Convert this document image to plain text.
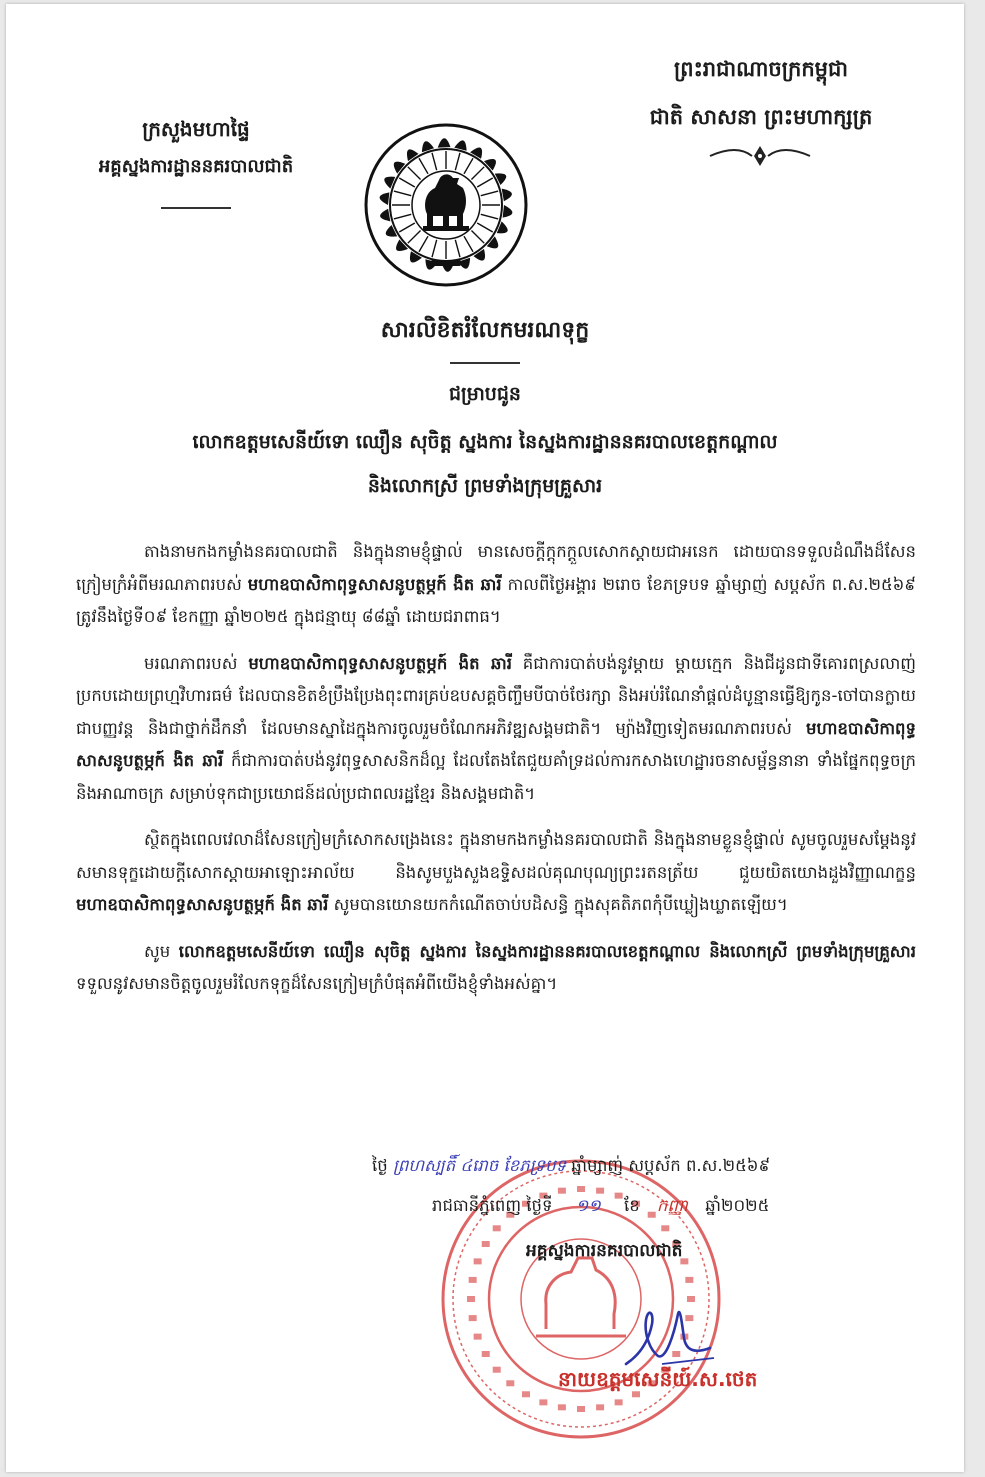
ព្រះរាជាណាចក្រកម្ពុជា
ជាតិ សាសនា ព្រះមហាក្សត្រ
ក្រសួងមហាផ្ទៃ
អគ្គស្នងការដ្ឋាននគរបាលជាតិ
សារលិខិតរំលែកមរណទុក្ខ
ជម្រាបជូន
លោកឧត្តមសេនីយ៍ទោ ឈឿន សុចិត្ត ស្នងការ នៃស្នងការដ្ឋាននគរបាលខេត្តកណ្តាល
និងលោកស្រី ព្រមទាំងក្រុមគ្រួសារ

តាងនាមកងកម្លាំងនគរបាលជាតិ និងក្នុងនាមខ្ញុំផ្ទាល់ មានសេចក្តីក្តុកក្តួលសោកស្តាយជាអនេក ដោយបានទទួលដំណឹងដ៏សែនក្រៀមក្រំអំពីមរណភាពរបស់ មហាឧបាសិកាពុទ្ធសាសនូបត្ថម្ភក៍ ងិត ឆារី កាលពីថ្ងៃអង្គារ ២រោច ខែភទ្របទ ឆ្នាំម្សាញ់ សប្តស័ក ព.ស.២៥៦៩ ត្រូវនឹងថ្ងៃទី០៩ ខែកញ្ញា ឆ្នាំ២០២៥ ក្នុងជន្មាយុ ៨៨ឆ្នាំ ដោយជរាពាធ។

មរណភាពរបស់ មហាឧបាសិកាពុទ្ធសាសនូបត្ថម្ភក៍ ងិត ឆារី គឺជាការបាត់បង់នូវម្តាយ ម្តាយក្មេក និងជីដូនជាទីគោរពស្រលាញ់ ប្រកបដោយព្រហ្មវិហារធម៌ ដែលបានខិតខំប្រឹងប្រែងពុះពារគ្រប់ឧបសគ្គចិញ្ចឹមបីបាច់ថែរក្សា និងអប់រំណែនាំផ្តល់ដំបូន្មានធ្វើឱ្យកូន-ចៅបានក្លាយជាបញ្ញវន្ត និងជាថ្នាក់ដឹកនាំ ដែលមានស្នាដៃក្នុងការចូលរួមចំណែកអភិវឌ្ឍសង្គមជាតិ។ ម្យ៉ាងវិញទៀតមរណភាពរបស់ មហាឧបាសិកាពុទ្ធសាសនូបត្ថម្ភក៍ ងិត ឆារី ក៏ជាការបាត់បង់នូវពុទ្ធសាសនិកដ៏ល្អ ដែលតែងតែជួយគាំទ្រដល់ការកសាងហេដ្ឋារចនាសម្ព័ន្ធនានា ទាំងផ្នែកពុទ្ធចក្រ និងអាណាចក្រ សម្រាប់ទុកជាប្រយោជន៍ដល់ប្រជាពលរដ្ឋខ្មែរ និងសង្គមជាតិ។

ស្ថិតក្នុងពេលវេលាដ៏សែនក្រៀមក្រំសោកសង្រេងនេះ ក្នុងនាមកងកម្លាំងនគរបាលជាតិ និងក្នុងនាមខ្លួនខ្ញុំផ្ទាល់ សូមចូលរួមសម្តែងនូវសមានទុក្ខដោយក្តីសោកស្តាយអាឡោះអាល័យ និងសូមបួងសួងឧទ្ទិសដល់គុណបុណ្យព្រះរតនត្រ័យ ជួយយិតយោងដួងវិញ្ញាណក្ខន្ធ មហាឧបាសិកាពុទ្ធសាសនូបត្ថម្ភក៍ ងិត ឆារី សូមបានយោនយកកំណើតចាប់បដិសន្ធិ ក្នុងសុគតិភពកុំបីឃ្លៀងឃ្លាតឡើយ។

សូម លោកឧត្តមសេនីយ៍ទោ ឈឿន សុចិត្ត ស្នងការ នៃស្នងការដ្ឋាននគរបាលខេត្តកណ្តាល និងលោកស្រី ព្រមទាំងក្រុមគ្រួសារ ទទួលនូវសមានចិត្តចូលរួមរំលែកទុក្ខដ៏សែនក្រៀមក្រំបំផុតអំពីយើងខ្ញុំទាំងអស់គ្នា។

ថ្ងៃ ព្រហស្បតិ៍ ៤រោច ខែភទ្របទ ឆ្នាំម្សាញ់ សប្តស័ក ព.ស.២៥៦៩
រាជធានីភ្នំពេញ ថ្ងៃទី ១១ ខែ កញ្ញា ឆ្នាំ២០២៥
អគ្គស្នងការនគរបាលជាតិ
នាយឧត្តមសេនីយ៍.ស.ថេត
